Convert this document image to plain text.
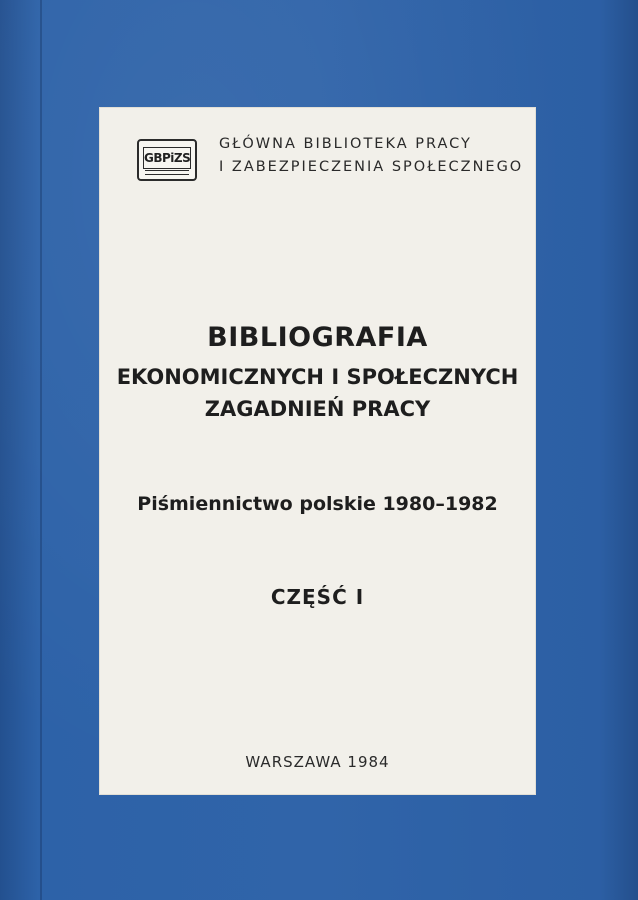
GBPiZS
GŁÓWNA BIBLIOTEKA PRACY
I ZABEZPIECZENIA SPOŁECZNEGO
BIBLIOGRAFIA
EKONOMICZNYCH I SPOŁECZNYCH
ZAGADNIEŃ PRACY
Piśmiennictwo polskie 1980–1982
CZĘŚĆ I
WARSZAWA 1984
